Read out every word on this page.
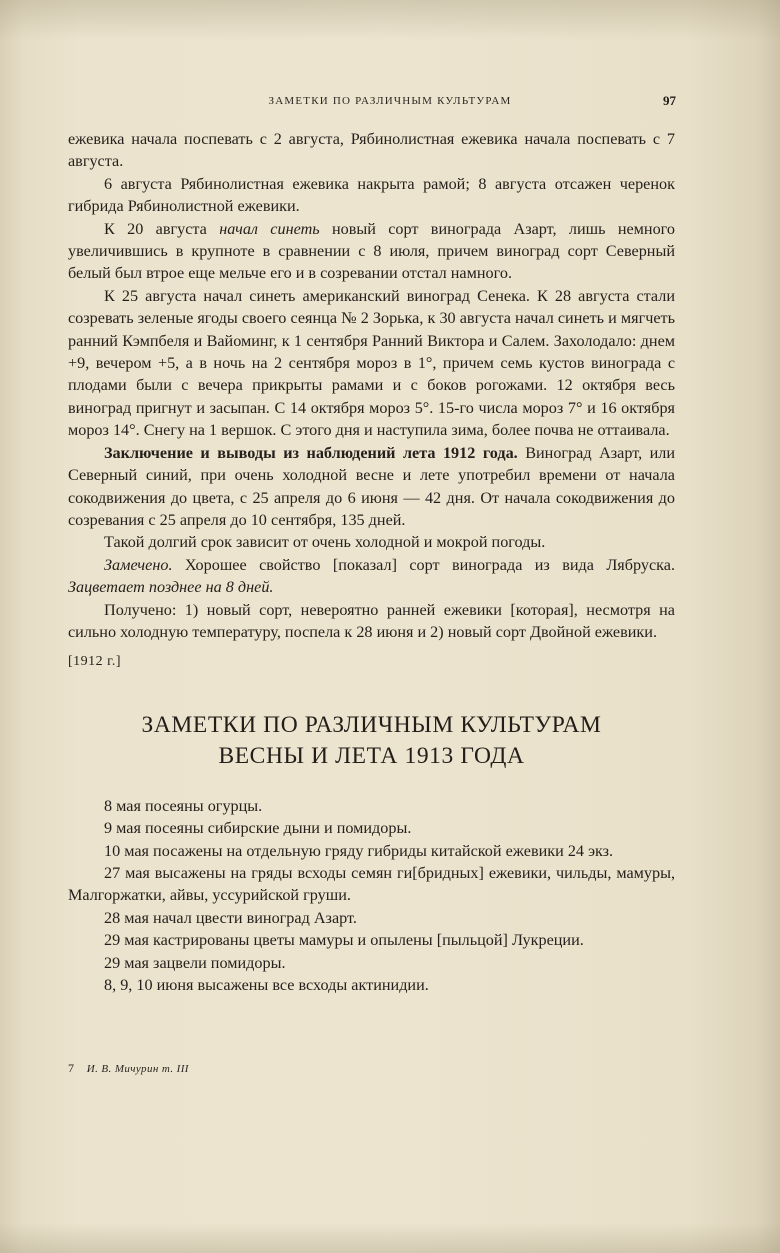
ЗАМЕТКИ ПО РАЗЛИЧНЫМ КУЛЬТУРАМ	97

ежевика начала поспевать с 2 августа, Рябинолистная ежевика начала поспевать с 7 августа.

6 августа Рябинолистная ежевика накрыта рамой; 8 августа отсажен черенок гибрида Рябинолистной ежевики.

К 20 августа начал синеть новый сорт винограда Азарт, лишь немного увеличившись в крупноте в сравнении с 8 июля, причем виноград сорт Северный белый был втрое еще мельче его и в созревании отстал намного.

К 25 августа начал синеть американский виноград Сенека. К 28 августа стали созревать зеленые ягоды своего сеянца № 2 Зорька, к 30 августа начал синеть и мягчеть ранний Кэмпбеля и Вайоминг, к 1 сентября Ранний Виктора и Салем. Захолодало: днем +9, вечером +5, а в ночь на 2 сентября мороз в 1°, причем семь кустов винограда с плодами были с вечера прикрыты рамами и с боков рогожами. 12 октября весь виноград пригнут и засыпан. С 14 октября мороз 5°. 15-го числа мороз 7° и 16 октября мороз 14°. Снегу на 1 вершок. С этого дня и наступила зима, более почва не оттаивала.

Заключение и выводы из наблюдений лета 1912 года. Виноград Азарт, или Северный синий, при очень холодной весне и лете употребил времени от начала сокодвижения до цвета, с 25 апреля до 6 июня — 42 дня. От начала сокодвижения до созревания с 25 апреля до 10 сентября, 135 дней.

Такой долгий срок зависит от очень холодной и мокрой погоды.

Замечено. Хорошее свойство [показал] сорт винограда из вида Лябруска. Зацветает позднее на 8 дней.

Получено: 1) новый сорт, невероятно ранней ежевики [которая], несмотря на сильно холодную температуру, поспела к 28 июня и 2) новый сорт Двойной ежевики.

[1912 г.]

ЗАМЕТКИ ПО РАЗЛИЧНЫМ КУЛЬТУРАМ
ВЕСНЫ И ЛЕТА 1913 ГОДА

8 мая посеяны огурцы.

9 мая посеяны сибирские дыни и помидоры.

10 мая посажены на отдельную гряду гибриды китайской ежевики 24 экз.

27 мая высажены на гряды всходы семян ги[бридных] ежевики, чильды, мамуры, Малгоржатки, айвы, уссурийской груши.

28 мая начал цвести виноград Азарт.

29 мая кастрированы цветы мамуры и опылены [пыльцой] Лукреции.

29 мая зацвели помидоры.

8, 9, 10 июня высажены все всходы актинидии.

7 И. В. Мичурин т. III
